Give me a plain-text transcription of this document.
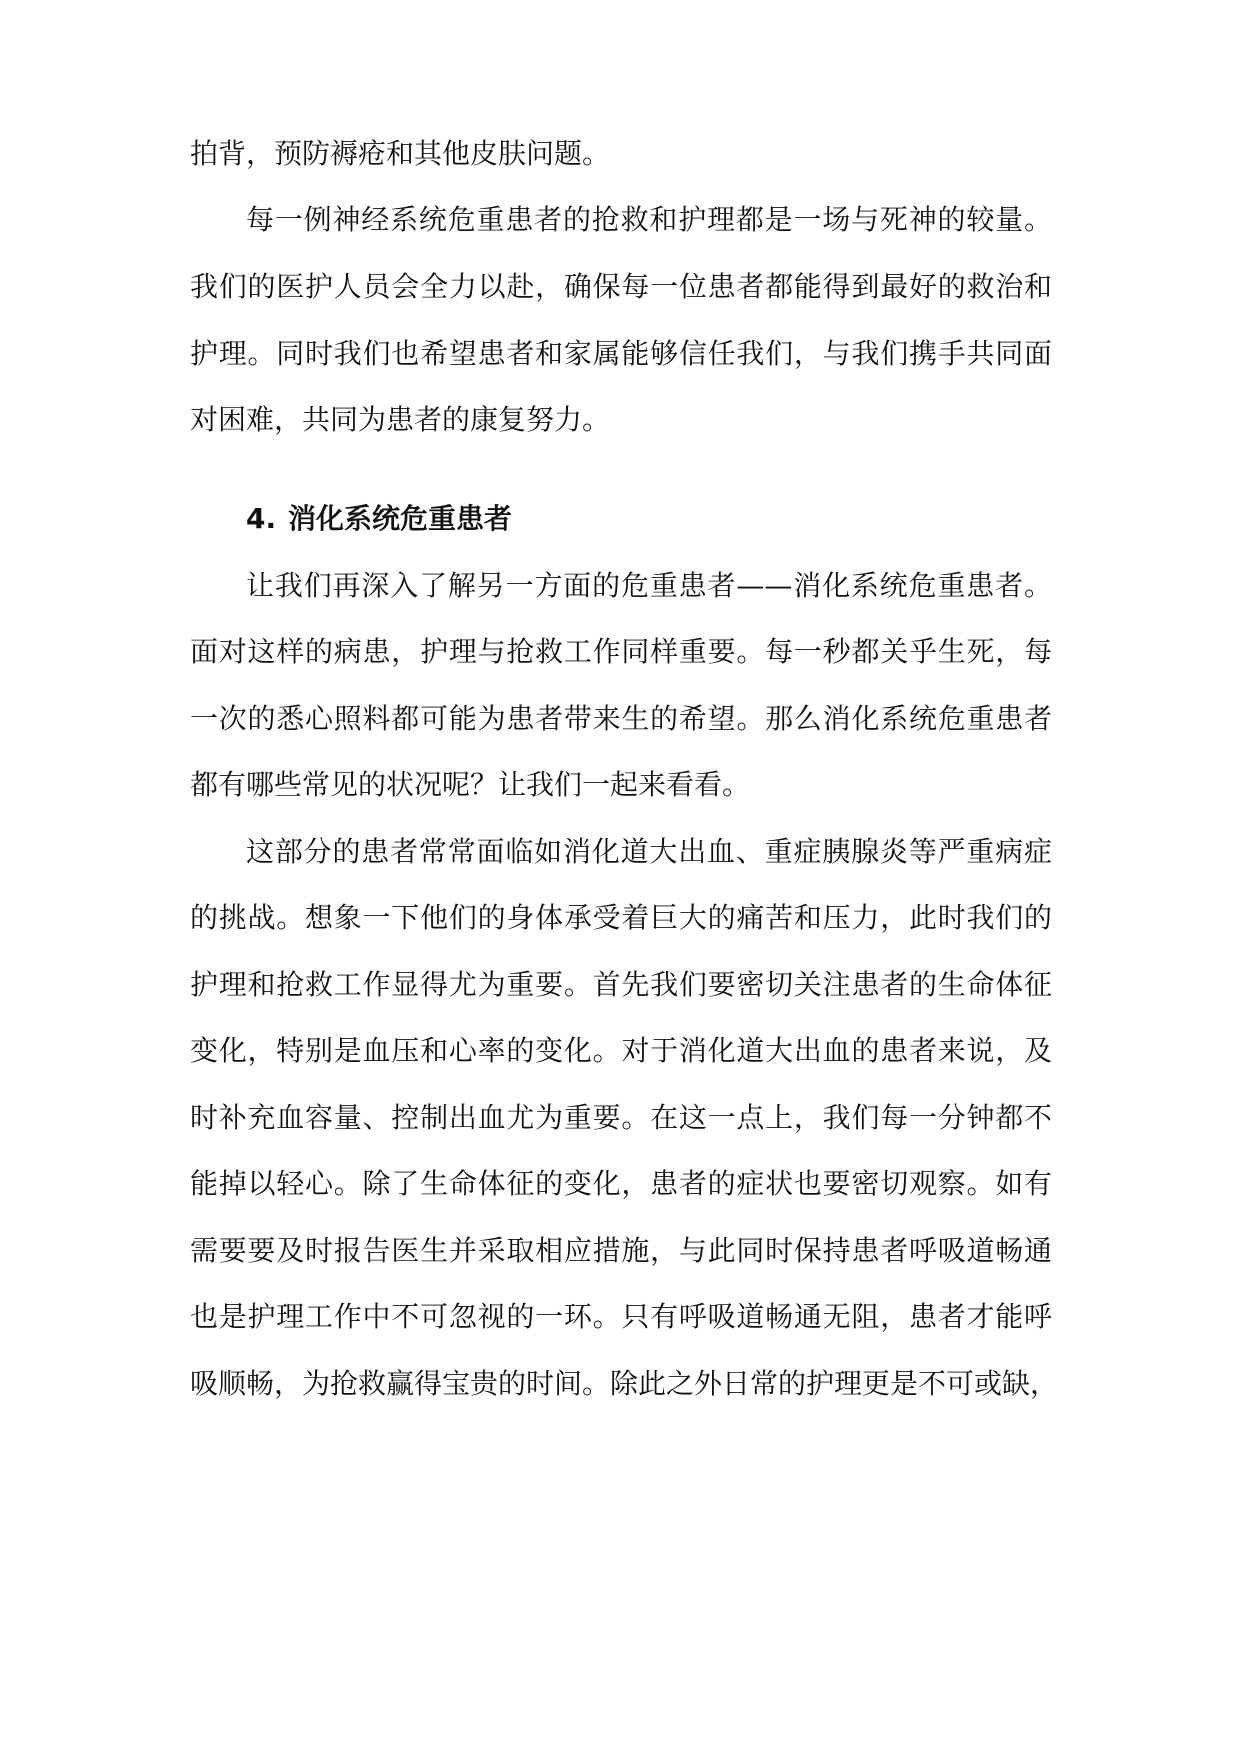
拍背，预防褥疮和其他皮肤问题。

每一例神经系统危重患者的抢救和护理都是一场与死神的较量。

我们的医护人员会全力以赴，确保每一位患者都能得到最好的救治和

护理。同时我们也希望患者和家属能够信任我们，与我们携手共同面

对困难，共同为患者的康复努力。

4. 消化系统危重患者

让我们再深入了解另一方面的危重患者——消化系统危重患者。

面对这样的病患，护理与抢救工作同样重要。每一秒都关乎生死，每

一次的悉心照料都可能为患者带来生的希望。那么消化系统危重患者

都有哪些常见的状况呢？让我们一起来看看。

这部分的患者常常面临如消化道大出血、重症胰腺炎等严重病症

的挑战。想象一下他们的身体承受着巨大的痛苦和压力，此时我们的

护理和抢救工作显得尤为重要。首先我们要密切关注患者的生命体征

变化，特别是血压和心率的变化。对于消化道大出血的患者来说，及

时补充血容量、控制出血尤为重要。在这一点上，我们每一分钟都不

能掉以轻心。除了生命体征的变化，患者的症状也要密切观察。如有

需要要及时报告医生并采取相应措施，与此同时保持患者呼吸道畅通

也是护理工作中不可忽视的一环。只有呼吸道畅通无阻，患者才能呼

吸顺畅，为抢救赢得宝贵的时间。除此之外日常的护理更是不可或缺，
